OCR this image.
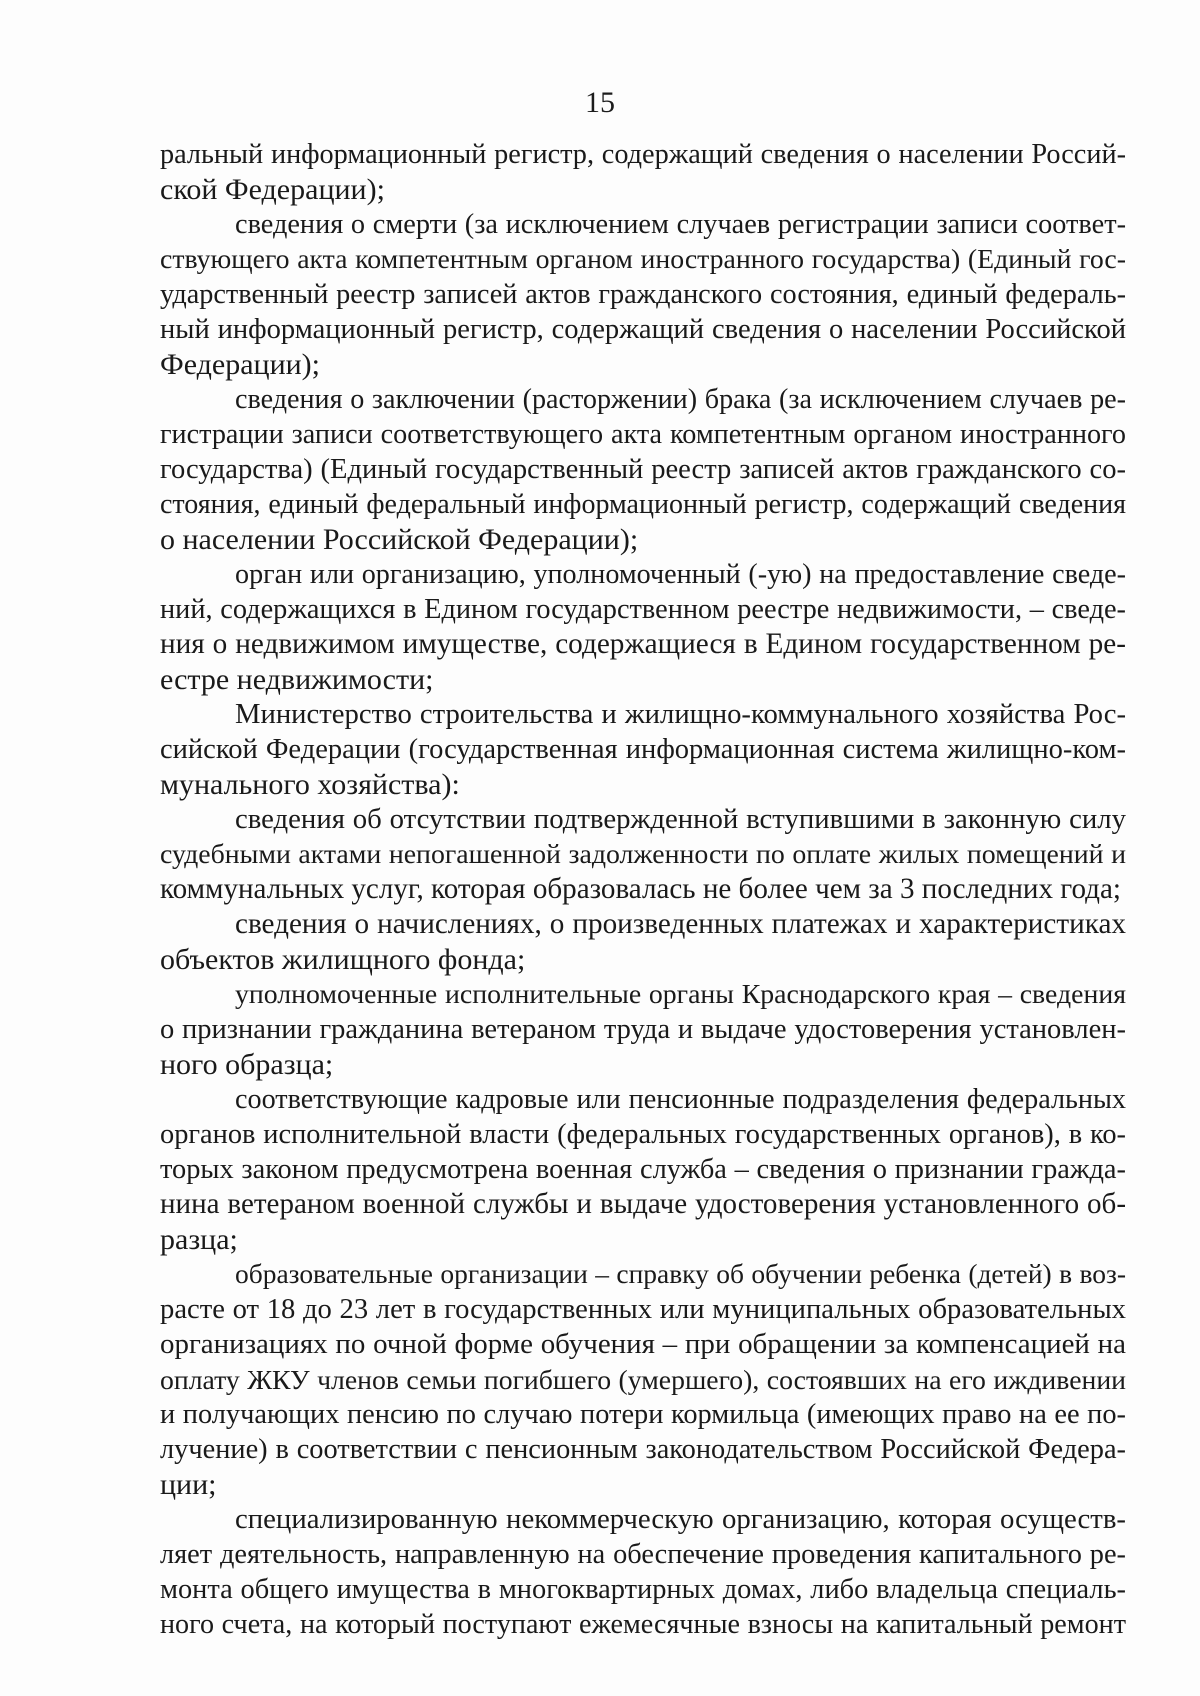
15
ральный информационный регистр, содержащий сведения о населении Россий-
ской Федерации);
сведения о смерти (за исключением случаев регистрации записи соответ-
ствующего акта компетентным органом иностранного государства) (Единый гос-
ударственный реестр записей актов гражданского состояния, единый федераль-
ный информационный регистр, содержащий сведения о населении Российской
Федерации);
сведения о заключении (расторжении) брака (за исключением случаев ре-
гистрации записи соответствующего акта компетентным органом иностранного
государства) (Единый государственный реестр записей актов гражданского со-
стояния, единый федеральный информационный регистр, содержащий сведения
о населении Российской Федерации);
орган или организацию, уполномоченный (-ую) на предоставление сведе-
ний, содержащихся в Едином государственном реестре недвижимости, – сведе-
ния о недвижимом имуществе, содержащиеся в Едином государственном ре-
естре недвижимости;
Министерство строительства и жилищно-коммунального хозяйства Рос-
сийской Федерации (государственная информационная система жилищно-ком-
мунального хозяйства):
сведения об отсутствии подтвержденной вступившими в законную силу
судебными актами непогашенной задолженности по оплате жилых помещений и
коммунальных услуг, которая образовалась не более чем за 3 последних года;
сведения о начислениях, о произведенных платежах и характеристиках
объектов жилищного фонда;
уполномоченные исполнительные органы Краснодарского края – сведения
о признании гражданина ветераном труда и выдаче удостоверения установлен-
ного образца;
соответствующие кадровые или пенсионные подразделения федеральных
органов исполнительной власти (федеральных государственных органов), в ко-
торых законом предусмотрена военная служба – сведения о признании гражда-
нина ветераном военной службы и выдаче удостоверения установленного об-
разца;
образовательные организации – справку об обучении ребенка (детей) в воз-
расте от 18 до 23 лет в государственных или муниципальных образовательных
организациях по очной форме обучения – при обращении за компенсацией на
оплату ЖКУ членов семьи погибшего (умершего), состоявших на его иждивении
и получающих пенсию по случаю потери кормильца (имеющих право на ее по-
лучение) в соответствии с пенсионным законодательством Российской Федера-
ции;
специализированную некоммерческую организацию, которая осуществ-
ляет деятельность, направленную на обеспечение проведения капитального ре-
монта общего имущества в многоквартирных домах, либо владельца специаль-
ного счета, на который поступают ежемесячные взносы на капитальный ремонт
